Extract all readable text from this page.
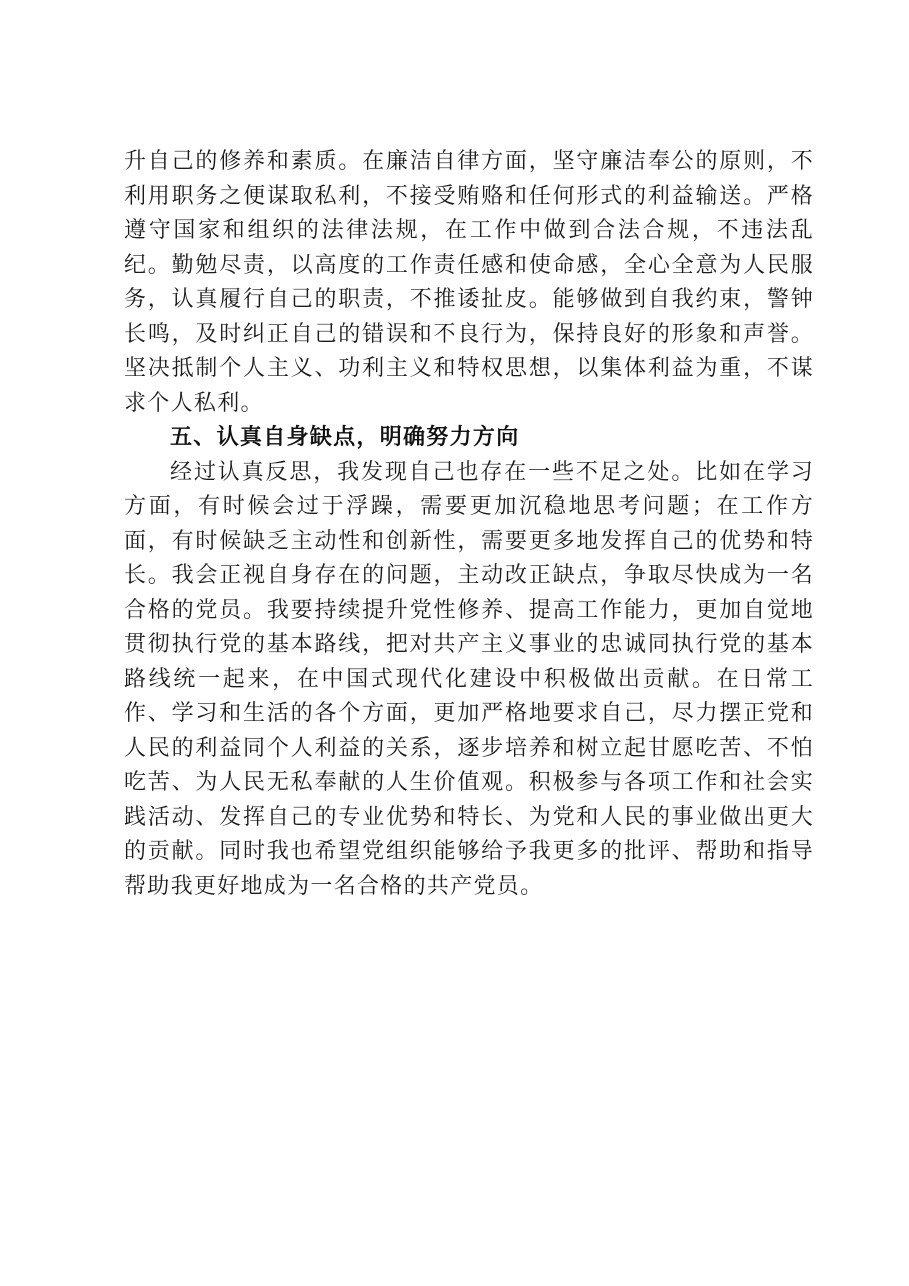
升自己的修养和素质。在廉洁自律方面，坚守廉洁奉公的原则，不利用职务之便谋取私利，不接受贿赂和任何形式的利益输送。严格遵守国家和组织的法律法规，在工作中做到合法合规，不违法乱纪。勤勉尽责，以高度的工作责任感和使命感，全心全意为人民服务，认真履行自己的职责，不推诿扯皮。能够做到自我约束，警钟长鸣，及时纠正自己的错误和不良行为，保持良好的形象和声誉。坚决抵制个人主义、功利主义和特权思想，以集体利益为重，不谋求个人私利。

五、认真自身缺点，明确努力方向

经过认真反思，我发现自己也存在一些不足之处。比如在学习方面，有时候会过于浮躁，需要更加沉稳地思考问题；在工作方面，有时候缺乏主动性和创新性，需要更多地发挥自己的优势和特长。我会正视自身存在的问题，主动改正缺点，争取尽快成为一名合格的党员。我要持续提升党性修养、提高工作能力，更加自觉地贯彻执行党的基本路线，把对共产主义事业的忠诚同执行党的基本路线统一起来，在中国式现代化建设中积极做出贡献。在日常工作、学习和生活的各个方面，更加严格地要求自己，尽力摆正党和人民的利益同个人利益的关系，逐步培养和树立起甘愿吃苦、不怕吃苦、为人民无私奉献的人生价值观。积极参与各项工作和社会实践活动、发挥自己的专业优势和特长、为党和人民的事业做出更大的贡献。同时我也希望党组织能够给予我更多的批评、帮助和指导帮助我更好地成为一名合格的共产党员。
